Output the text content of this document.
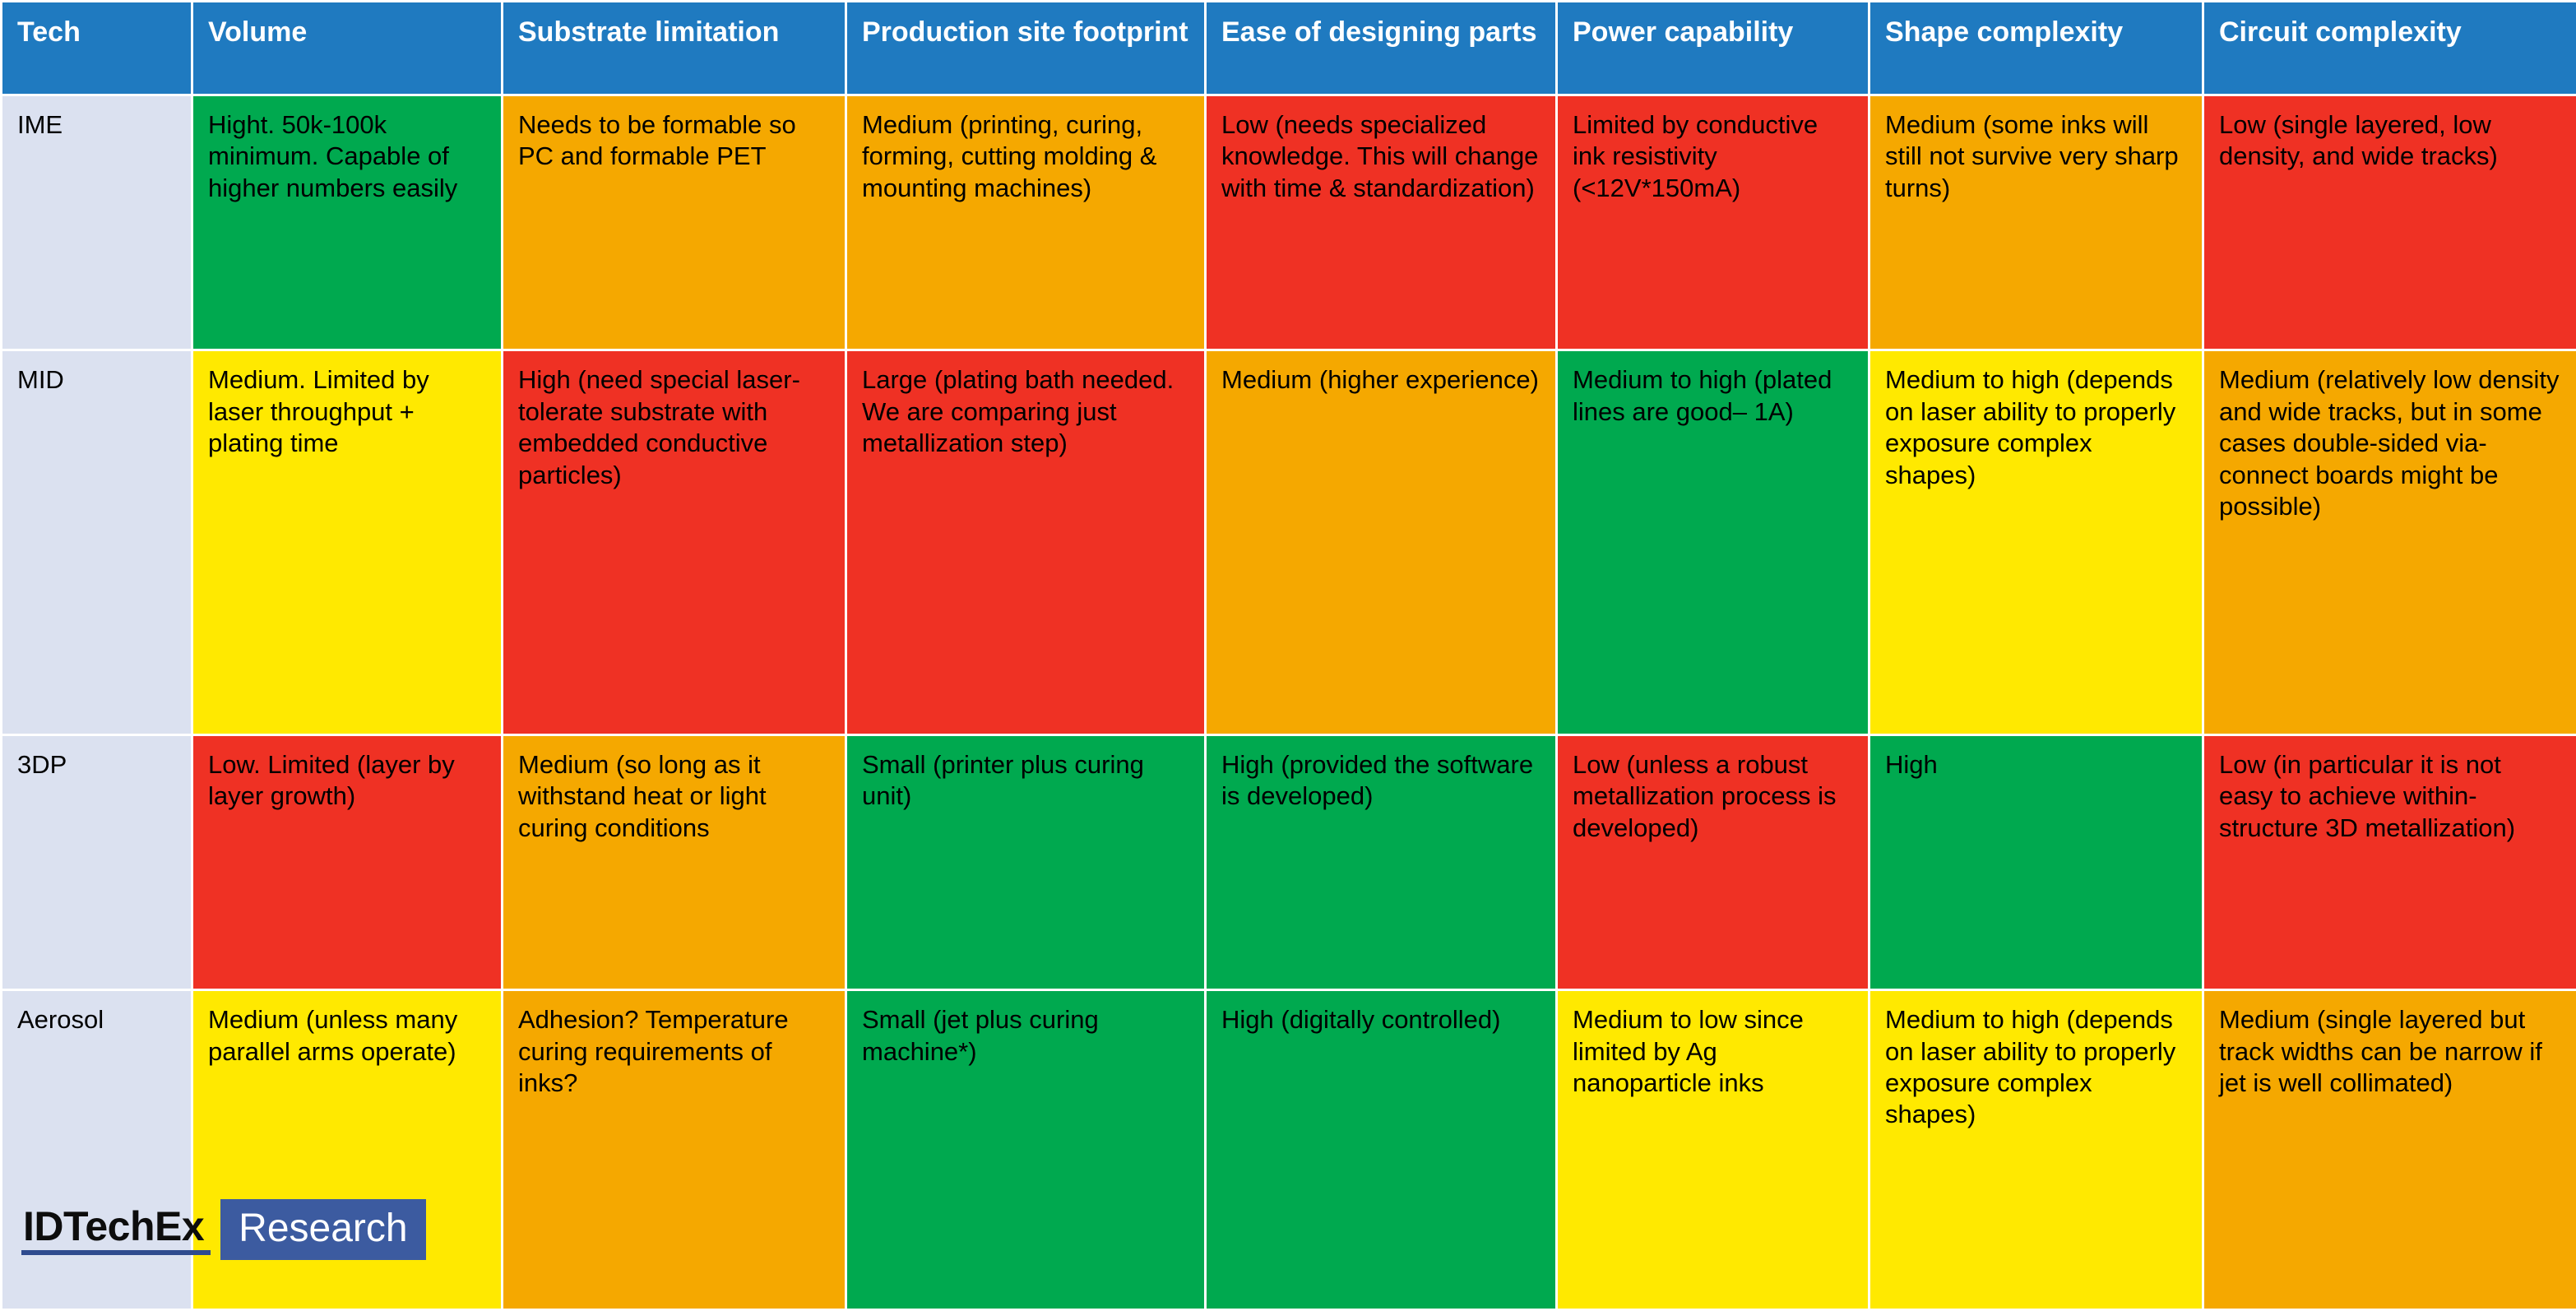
Tech	Volume	Substrate limitation	Production site footprint	Ease of designing parts	Power capability	Shape complexity	Circuit complexity
IME	Hight. 50k-100k minimum. Capable of higher numbers easily	Needs to be formable so PC and formable PET	Medium (printing, curing, forming, cutting molding & mounting machines)	Low (needs specialized knowledge. This will change with time & standardization)	Limited by conductive ink resistivity (<12V*150mA)	Medium (some inks will still not survive very sharp turns)	Low (single layered, low density, and wide tracks)
MID	Medium. Limited by laser throughput + plating time	High (need special laser-tolerate substrate with embedded conductive particles)	Large (plating bath needed. We are comparing just metallization step)	Medium (higher experience)	Medium to high (plated lines are good– 1A)	Medium to high (depends on laser ability to properly exposure complex shapes)	Medium (relatively low density and wide tracks, but in some cases double-sided via-connect boards might be possible)
3DP	Low. Limited (layer by layer growth)	Medium (so long as it withstand heat or light curing conditions	Small (printer plus curing unit)	High (provided the software is developed)	Low (unless a robust metallization process is developed)	High	Low (in particular it is not easy to achieve within-structure 3D metallization)
Aerosol	Medium (unless many parallel arms operate)	Adhesion? Temperature curing requirements of inks?	Small (jet plus curing machine*)	High (digitally controlled)	Medium to low since limited by Ag nanoparticle inks	Medium to high (depends on laser ability to properly exposure complex shapes)	Medium (single layered but track widths can be narrow if jet is well collimated)
IDTechEx Research
